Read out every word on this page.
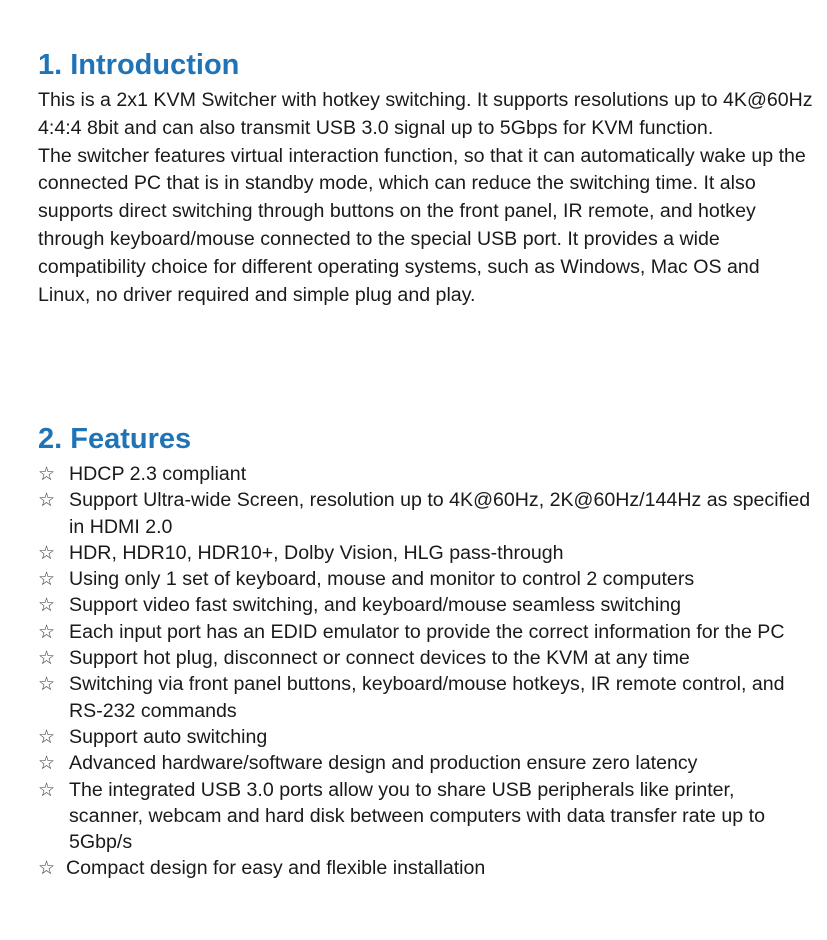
1. Introduction

This is a 2x1 KVM Switcher with hotkey switching. It supports resolutions up to 4K@60Hz 4:4:4 8bit and can also transmit USB 3.0 signal up to 5Gbps for KVM function.

The switcher features virtual interaction function, so that it can automatically wake up the connected PC that is in standby mode, which can reduce the switching time. It also supports direct switching through buttons on the front panel, IR remote, and hotkey through keyboard/mouse connected to the special USB port. It provides a wide compatibility choice for different operating systems, such as Windows, Mac OS and Linux, no driver required and simple plug and play.

2. Features
☆ HDCP 2.3 compliant
☆ Support Ultra-wide Screen, resolution up to 4K@60Hz, 2K@60Hz/144Hz as specified in HDMI 2.0
☆ HDR, HDR10, HDR10+, Dolby Vision, HLG pass-through
☆ Using only 1 set of keyboard, mouse and monitor to control 2 computers
☆ Support video fast switching, and keyboard/mouse seamless switching
☆ Each input port has an EDID emulator to provide the correct information for the PC
☆ Support hot plug, disconnect or connect devices to the KVM at any time
☆ Switching via front panel buttons, keyboard/mouse hotkeys, IR remote control, and RS-232 commands
☆ Support auto switching
☆ Advanced hardware/software design and production ensure zero latency
☆ The integrated USB 3.0 ports allow you to share USB peripherals like printer, scanner, webcam and hard disk between computers with data transfer rate up to 5Gbp/s
☆ Compact design for easy and flexible installation
